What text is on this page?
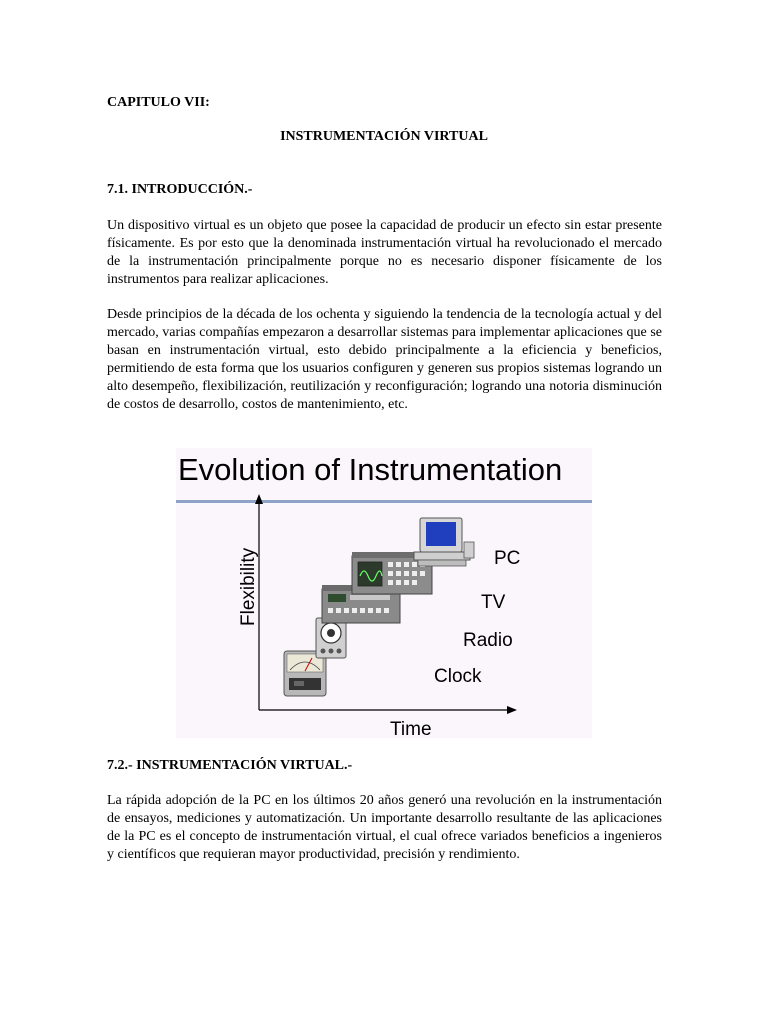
CAPITULO VII:

INSTRUMENTACIÓN VIRTUAL

7.1. INTRODUCCIÓN.-

Un dispositivo virtual es un objeto que posee la capacidad de producir un efecto sin estar presente físicamente. Es por esto que la denominada instrumentación virtual ha revolucionado el mercado de la instrumentación principalmente porque no es necesario disponer físicamente de los instrumentos para realizar aplicaciones.

Desde principios de la década de los ochenta y siguiendo la tendencia de la tecnología actual y del mercado, varias compañías empezaron a desarrollar sistemas para implementar aplicaciones que se basan en instrumentación virtual, esto debido principalmente a la eficiencia y beneficios, permitiendo de esta forma que los usuarios configuren y generen sus propios sistemas logrando un alto desempeño, flexibilización, reutilización y reconfiguración; logrando una notoria disminución de costos de desarrollo, costos de mantenimiento, etc.

Evolution of Instrumentation
Flexibility
Time
PC
TV
Radio
Clock

7.2.- INSTRUMENTACIÓN VIRTUAL.-

La rápida adopción de la PC en los últimos 20 años generó una revolución en la instrumentación de ensayos, mediciones y automatización. Un importante desarrollo resultante de las aplicaciones de la PC es el concepto de instrumentación virtual, el cual ofrece variados beneficios a ingenieros y científicos que requieran mayor productividad, precisión y rendimiento.
